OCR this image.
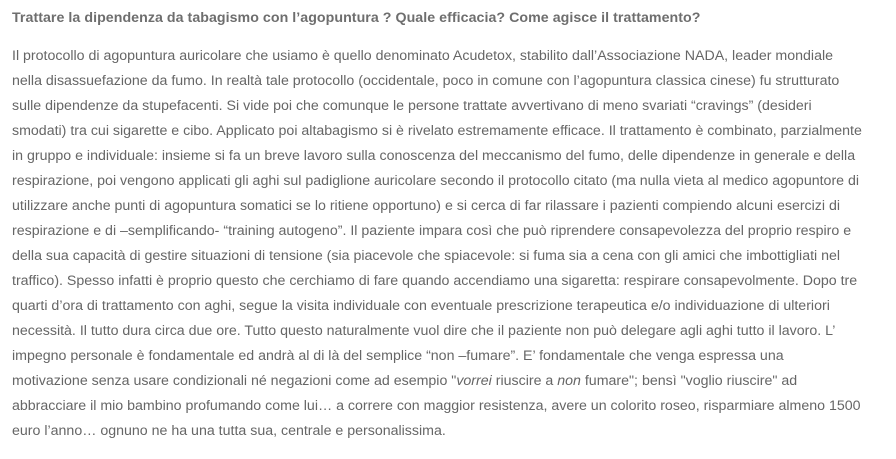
Trattare la dipendenza da tabagismo con l’agopuntura ? Quale efficacia? Come agisce il trattamento?

Il protocollo di agopuntura auricolare che usiamo è quello denominato Acudetox, stabilito dall’Associazione NADA, leader mondiale
nella disassuefazione da fumo. In realtà tale protocollo (occidentale, poco in comune con l’agopuntura classica cinese) fu strutturato
sulle dipendenze da stupefacenti. Si vide poi che comunque le persone trattate avvertivano di meno svariati “cravings” (desideri
smodati) tra cui sigarette e cibo. Applicato poi altabagismo si è rivelato estremamente efficace. Il trattamento è combinato, parzialmente
in gruppo e individuale: insieme si fa un breve lavoro sulla conoscenza del meccanismo del fumo, delle dipendenze in generale e della
respirazione, poi vengono applicati gli aghi sul padiglione auricolare secondo il protocollo citato (ma nulla vieta al medico agopuntore di
utilizzare anche punti di agopuntura somatici se lo ritiene opportuno) e si cerca di far rilassare i pazienti compiendo alcuni esercizi di
respirazione e di –semplificando- “training autogeno”. Il paziente impara così che può riprendere consapevolezza del proprio respiro e
della sua capacità di gestire situazioni di tensione (sia piacevole che spiacevole: si fuma sia a cena con gli amici che imbottigliati nel
traffico). Spesso infatti è proprio questo che cerchiamo di fare quando accendiamo una sigaretta: respirare consapevolmente. Dopo tre
quarti d’ora di trattamento con aghi, segue la visita individuale con eventuale prescrizione terapeutica e/o individuazione di ulteriori
necessità. Il tutto dura circa due ore. Tutto questo naturalmente vuol dire che il paziente non può delegare agli aghi tutto il lavoro. L’
impegno personale è fondamentale ed andrà al di là del semplice “non –fumare”. E’ fondamentale che venga espressa una
motivazione senza usare condizionali né negazioni come ad esempio "vorrei riuscire a non fumare"; bensì "voglio riuscire" ad
abbracciare il mio bambino profumando come lui… a correre con maggior resistenza, avere un colorito roseo, risparmiare almeno 1500
euro l’anno… ognuno ne ha una tutta sua, centrale e personalissima.
